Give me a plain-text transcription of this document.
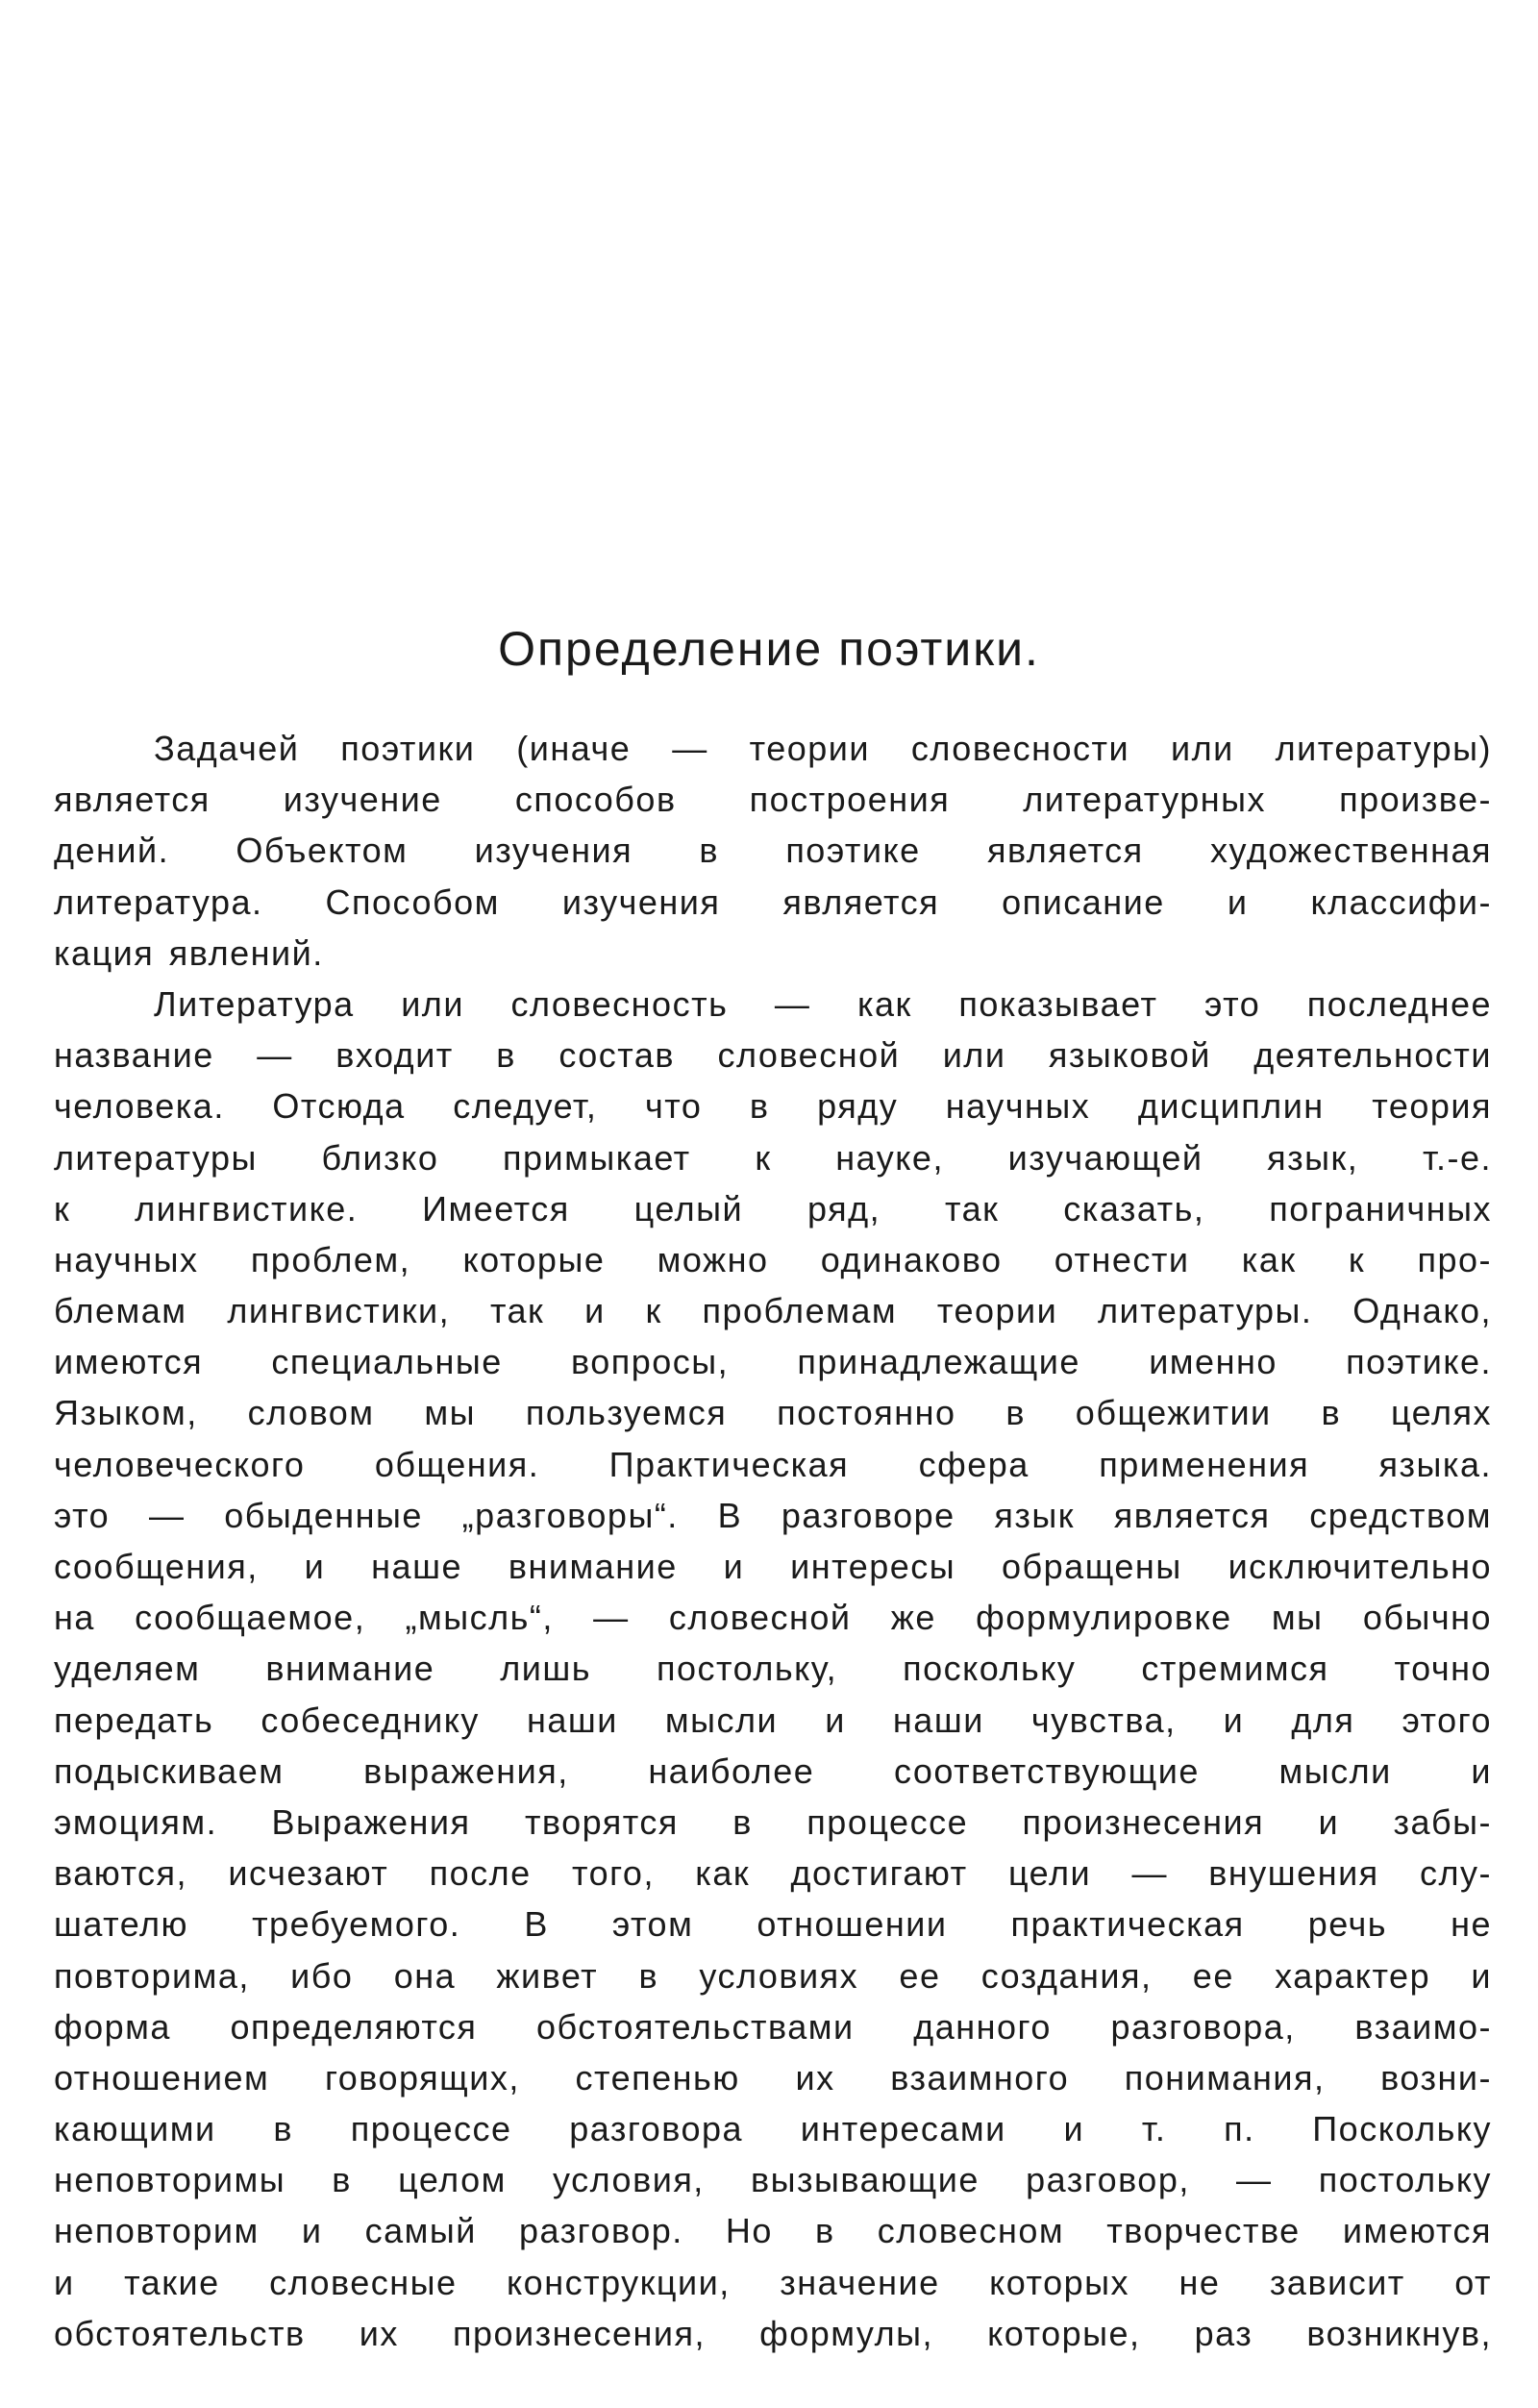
Определение поэтики.
Задачей поэтики (иначе — теории словесности или литературы)
является изучение способов построения литературных произве-
дений. Объектом изучения в поэтике является художественная
литература. Способом изучения является описание и классифи-
кация явлений.
Литература или словесность — как показывает это последнее
название — входит в состав словесной или языковой деятельности
человека. Отсюда следует, что в ряду научных дисциплин теория
литературы близко примыкает к науке, изучающей язык, т.-е.
к лингвистике. Имеется целый ряд, так сказать, пограничных
научных проблем, которые можно одинаково отнести как к про-
блемам лингвистики, так и к проблемам теории литературы. Однако,
имеются специальные вопросы, принадлежащие именно поэтике.
Языком, словом мы пользуемся постоянно в общежитии в целях
человеческого общения. Практическая сфера применения языка.
это — обыденные „разговоры“. В разговоре язык является средством
сообщения, и наше внимание и интересы обращены исключительно
на сообщаемое, „мысль“, — словесной же формулировке мы обычно
уделяем внимание лишь постольку, поскольку стремимся точно
передать собеседнику наши мысли и наши чувства, и для этого
подыскиваем выражения, наиболее соответствующие мысли и
эмоциям. Выражения творятся в процессе произнесения и забы-
ваются, исчезают после того, как достигают цели — внушения слу-
шателю требуемого. В этом отношении практическая речь не
повторима, ибо она живет в условиях ее создания, ее характер и
форма определяются обстоятельствами данного разговора, взаимо-
отношением говорящих, степенью их взаимного понимания, возни-
кающими в процессе разговора интересами и т. п. Поскольку
неповторимы в целом условия, вызывающие разговор, — постольку
неповторим и самый разговор. Но в словесном творчестве имеются
и такие словесные конструкции, значение которых не зависит от
обстоятельств их произнесения, формулы, которые, раз возникнув,
